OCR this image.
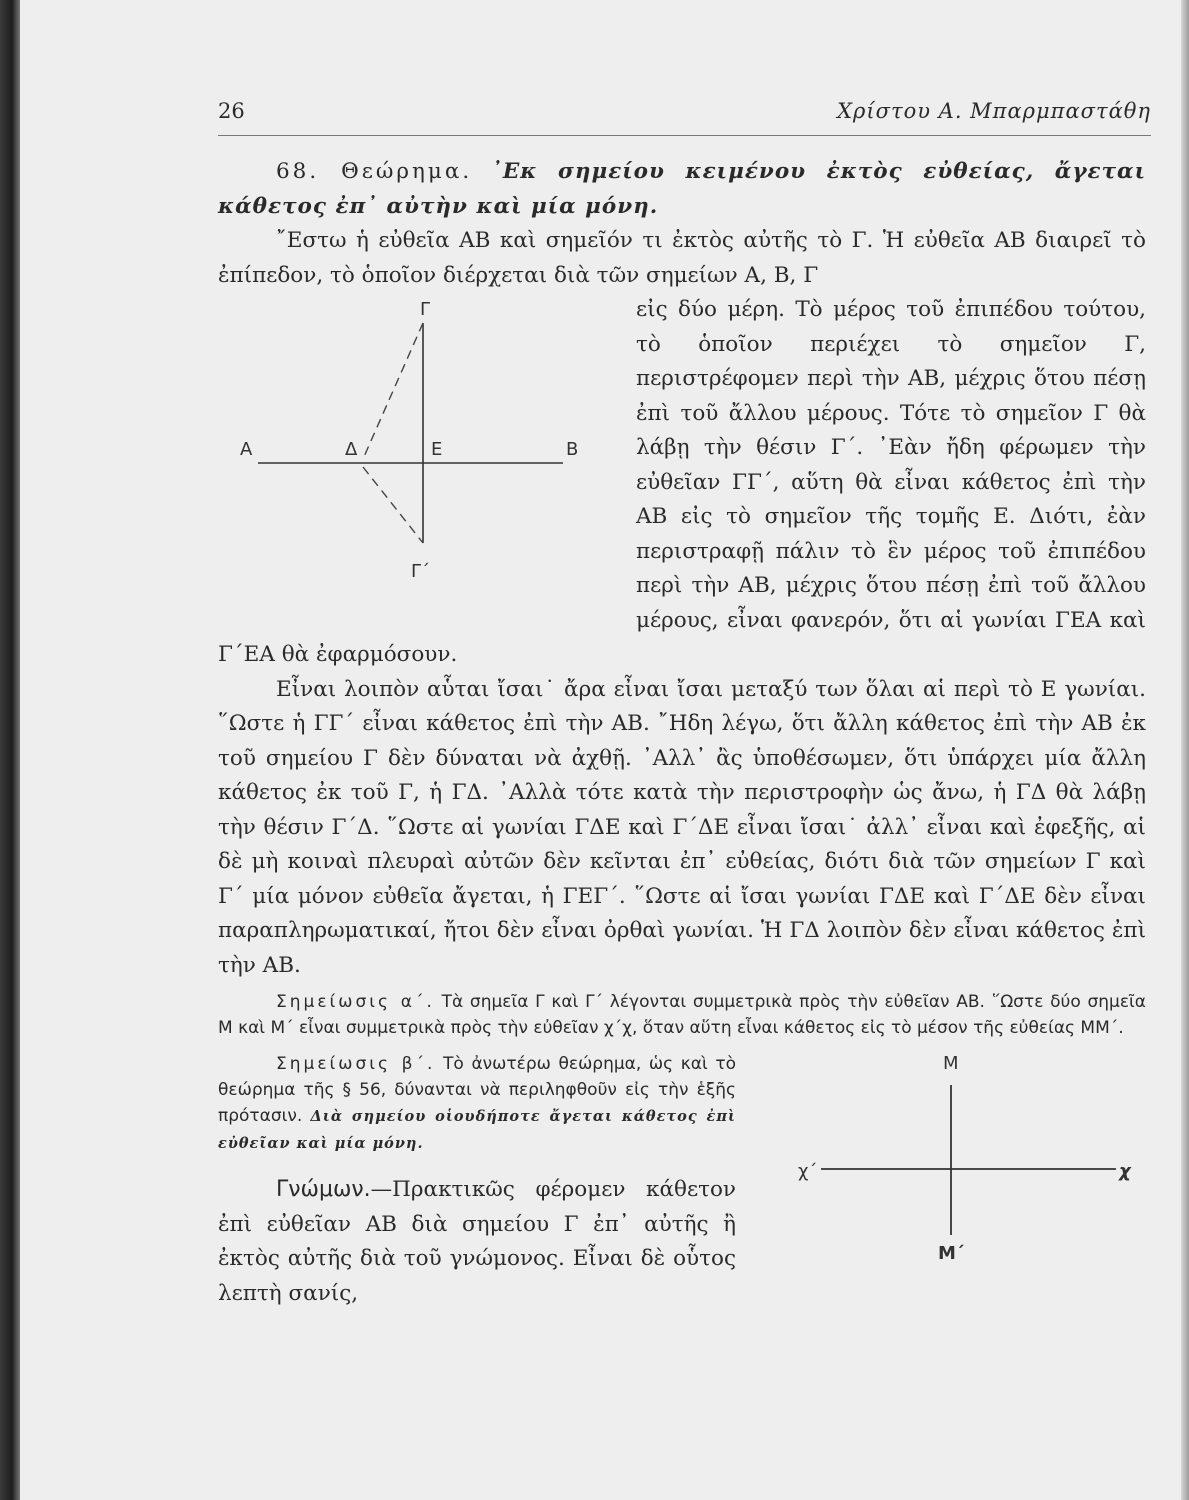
26	Χρίστου Α. Μπαρμπαστάθη

68. Θεώρημα. ᾿Εκ σημείου κειμένου ἐκτὸς εὐθείας, ἄγεται κάθετος ἐπ᾿ αὐτὴν καὶ μία μόνη.

῎Εστω ἡ εὐθεῖα ΑΒ καὶ σημεῖόν τι ἐκτὸς αὐτῆς τὸ Γ. Ἡ εὐθεῖα ΑΒ διαιρεῖ τὸ ἐπίπεδον, τὸ ὁποῖον διέρχεται διὰ τῶν σημείων Α, Β, Γ

Α	Β
Γ
Δ	Ε
Γ΄

εἰς δύο μέρη. Τὸ μέρος τοῦ ἐπιπέδου τούτου, τὸ ὁποῖον περιέχει τὸ σημεῖον Γ, περιστρέφομεν περὶ τὴν ΑΒ, μέχρις ὅτου πέσῃ ἐπὶ τοῦ ἄλλου μέρους. Τότε τὸ σημεῖον Γ θὰ λάβῃ τὴν θέσιν Γ΄. ᾿Εὰν ἤδη φέρωμεν τὴν εὐθεῖαν ΓΓ΄, αὕτη θὰ εἶναι κάθετος ἐπὶ τὴν ΑΒ εἰς τὸ σημεῖον τῆς τομῆς Ε. Διότι, ἐὰν περιστραφῇ πάλιν τὸ ἓν μέρος τοῦ ἐπιπέδου περὶ τὴν ΑΒ, μέχρις ὅτου πέσῃ ἐπὶ τοῦ ἄλλου μέρους, εἶναι φανερόν, ὅτι αἱ γωνίαι ΓΕΑ καὶ Γ΄ΕΑ θὰ ἐφαρμόσουν.

Εἶναι λοιπὸν αὗται ἴσαι˙ ἄρα εἶναι ἴσαι μεταξύ των ὅλαι αἱ περὶ τὸ Ε γωνίαι. ῞Ωστε ἡ ΓΓ΄ εἶναι κάθετος ἐπὶ τὴν ΑΒ. ῎Ηδη λέγω, ὅτι ἄλλη κάθετος ἐπὶ τὴν ΑΒ ἐκ τοῦ σημείου Γ δὲν δύναται νὰ ἀχθῇ. ᾿Αλλ᾿ ἂς ὑποθέσωμεν, ὅτι ὑπάρχει μία ἄλλη κάθετος ἐκ τοῦ Γ, ἡ ΓΔ. ᾿Αλλὰ τότε κατὰ τὴν περιστροφὴν ὡς ἄνω, ἡ ΓΔ θὰ λάβῃ τὴν θέσιν Γ΄Δ. ῞Ωστε αἱ γωνίαι ΓΔΕ καὶ Γ΄ΔΕ εἶναι ἴσαι˙ ἀλλ᾿ εἶναι καὶ ἐφεξῆς, αἱ δὲ μὴ κοιναὶ πλευραὶ αὐτῶν δὲν κεῖνται ἐπ᾿ εὐθείας, διότι διὰ τῶν σημείων Γ καὶ Γ΄ μία μόνον εὐθεῖα ἄγεται, ἡ ΓΕΓ΄. ῞Ωστε αἱ ἴσαι γωνίαι ΓΔΕ καὶ Γ΄ΔΕ δὲν εἶναι παραπληρωματικαί, ἤτοι δὲν εἶναι ὀρθαὶ γωνίαι. Ἡ ΓΔ λοιπὸν δὲν εἶναι κάθετος ἐπὶ τὴν ΑΒ.

Σημείωσις α΄. Τὰ σημεῖα Γ καὶ Γ΄ λέγονται συμμετρικὰ πρὸς τὴν εὐθεῖαν ΑΒ. ῞Ωστε δύο σημεῖα Μ καὶ Μ΄ εἶναι συμμετρικὰ πρὸς τὴν εὐθεῖαν χ΄χ, ὅταν αὕτη εἶναι κάθετος εἰς τὸ μέσον τῆς εὐθείας ΜΜ΄.

Μ
Μ΄
χ΄	χ

Σημείωσις β΄. Τὸ ἀνωτέρω θεώρημα, ὡς καὶ τὸ θεώρημα τῆς § 56, δύνανται νὰ περιληφθοῦν εἰς τὴν ἑξῆς πρότασιν. Διὰ σημείου οἱουδήποτε ἄγεται κάθετος ἐπὶ εὐθεῖαν καὶ μία μόνη.

Γνώμων.—Πρακτικῶς φέρομεν κάθετον ἐπὶ εὐθεῖαν ΑΒ διὰ σημείου Γ ἐπ᾿ αὐτῆς ἢ ἐκτὸς αὐτῆς διὰ τοῦ γνώμονος. Εἶναι δὲ οὗτος λεπτὴ σανίς,
